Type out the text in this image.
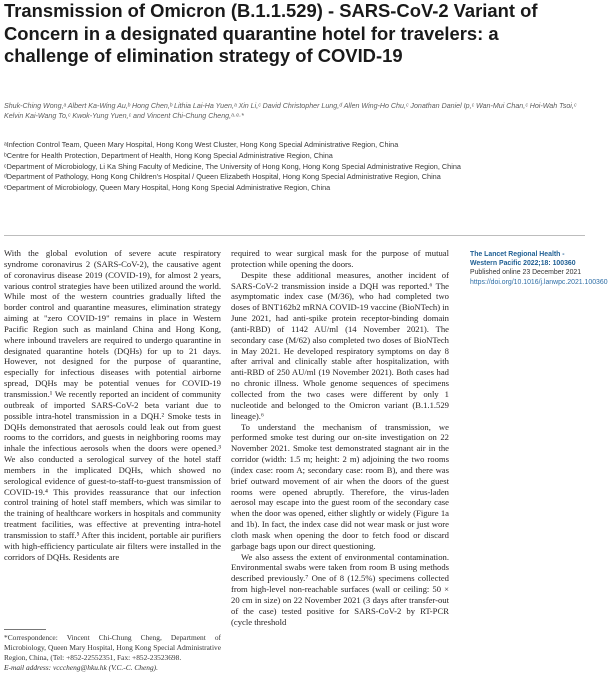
Transmission of Omicron (B.1.1.529) - SARS-CoV-2 Variant of Concern in a designated quarantine hotel for travelers: a challenge of elimination strategy of COVID-19
Shuk-Ching Wong,ᵃ Albert Ka-Wing Au,ᵇ Hong Chen,ᵇ Lithia Lai-Ha Yuen,ᵃ Xin Li,ᶜ David Christopher Lung,ᵈ Allen Wing-Ho Chu,ᶜ Jonathan Daniel Ip,ᶜ Wan-Mui Chan,ᶜ Hoi-Wah Tsoi,ᶜ Kelvin Kai-Wang To,ᶜ Kwok-Yung Yuen,ᶜ and Vincent Chi-Chung Cheng,ᵃ·ᵉ·*
ᵃInfection Control Team, Queen Mary Hospital, Hong Kong West Cluster, Hong Kong Special Administrative Region, China
ᵇCentre for Health Protection, Department of Health, Hong Kong Special Administrative Region, China
ᶜDepartment of Microbiology, Li Ka Shing Faculty of Medicine, The University of Hong Kong, Hong Kong Special Administrative Region, China
ᵈDepartment of Pathology, Hong Kong Children's Hospital / Queen Elizabeth Hospital, Hong Kong Special Administrative Region, China
ᵉDepartment of Microbiology, Queen Mary Hospital, Hong Kong Special Administrative Region, China

With the global evolution of severe acute respiratory syndrome coronavirus 2 (SARS-CoV-2), the causative agent of coronavirus disease 2019 (COVID-19), for almost 2 years, various control strategies have been utilized around the world. While most of the western countries gradually lifted the border control and quarantine measures, elimination strategy aiming at "zero COVID-19" remains in place in Western Pacific Region such as mainland China and Hong Kong, where inbound travelers are required to undergo quarantine in designated quarantine hotels (DQHs) for up to 21 days. However, not designed for the purpose of quarantine, especially for infectious diseases with potential airborne spread, DQHs may be potential venues for COVID-19 transmission.¹ We recently reported an incident of community outbreak of imported SARS-CoV-2 beta variant due to possible intra-hotel transmission in a DQH.² Smoke tests in DQHs demonstrated that aerosols could leak out from guest rooms to the corridors, and guests in neighboring rooms may inhale the infectious aerosols when the doors were opened.³ We also conducted a serological survey of the hotel staff members in the implicated DQHs, which showed no serological evidence of guest-to-staff-to-guest transmission of COVID-19.⁴ This provides reassurance that our infection control training of hotel staff members, which was similar to the training of healthcare workers in hospitals and community treatment facilities, was effective at preventing intra-hotel transmission to staff.⁵ After this incident, portable air purifiers with high-efficiency particulate air filters were installed in the corridors of DQHs. Residents are

required to wear surgical mask for the purpose of mutual protection while opening the doors.

Despite these additional measures, another incident of SARS-CoV-2 transmission inside a DQH was reported.⁶ The asymptomatic index case (M/36), who had completed two doses of BNT162b2 mRNA COVID-19 vaccine (BioNTech) in June 2021, had anti-spike protein receptor-binding domain (anti-RBD) of 1142 AU/ml (14 November 2021). The secondary case (M/62) also completed two doses of BioNTech in May 2021. He developed respiratory symptoms on day 8 after arrival and clinically stable after hospitalization, with anti-RBD of 250 AU/ml (19 November 2021). Both cases had no chronic illness. Whole genome sequences of specimens collected from the two cases were different by only 1 nucleotide and belonged to the Omicron variant (B.1.1.529 lineage).⁶

To understand the mechanism of transmission, we performed smoke test during our on-site investigation on 22 November 2021. Smoke test demonstrated stagnant air in the corridor (width: 1.5 m; height: 2 m) adjoining the two rooms (index case: room A; secondary case: room B), and there was brief outward movement of air when the doors of the guest rooms were opened abruptly. Therefore, the virus-laden aerosol may escape into the guest room of the secondary case when the door was opened, either slightly or widely (Figure 1a and 1b). In fact, the index case did not wear mask or just wore cloth mask when opening the door to fetch food or discard garbage bags upon our direct questioning.

We also assess the extent of environmental contamination. Environmental swabs were taken from room B using methods described previously.⁷ One of 8 (12.5%) specimens collected from high-level non-reachable surfaces (wall or ceiling: 50 × 20 cm in size) on 22 November 2021 (3 days after transfer-out of the case) tested positive for SARS-CoV-2 by RT-PCR (cycle threshold

The Lancet Regional Health - Western Pacific 2022;18: 100360
Published online 23 December 2021
https://doi.org/10.1016/j.lanwpc.2021.100360

*Correspondence: Vincent Chi-Chung Cheng, Department of Microbiology, Queen Mary Hospital, Hong Kong Special Administrative Region, China, (Tel: +852-22552351, Fax: +852-23523698.

E-mail address: vcccheng@hku.hk (V.C.-C. Cheng).
